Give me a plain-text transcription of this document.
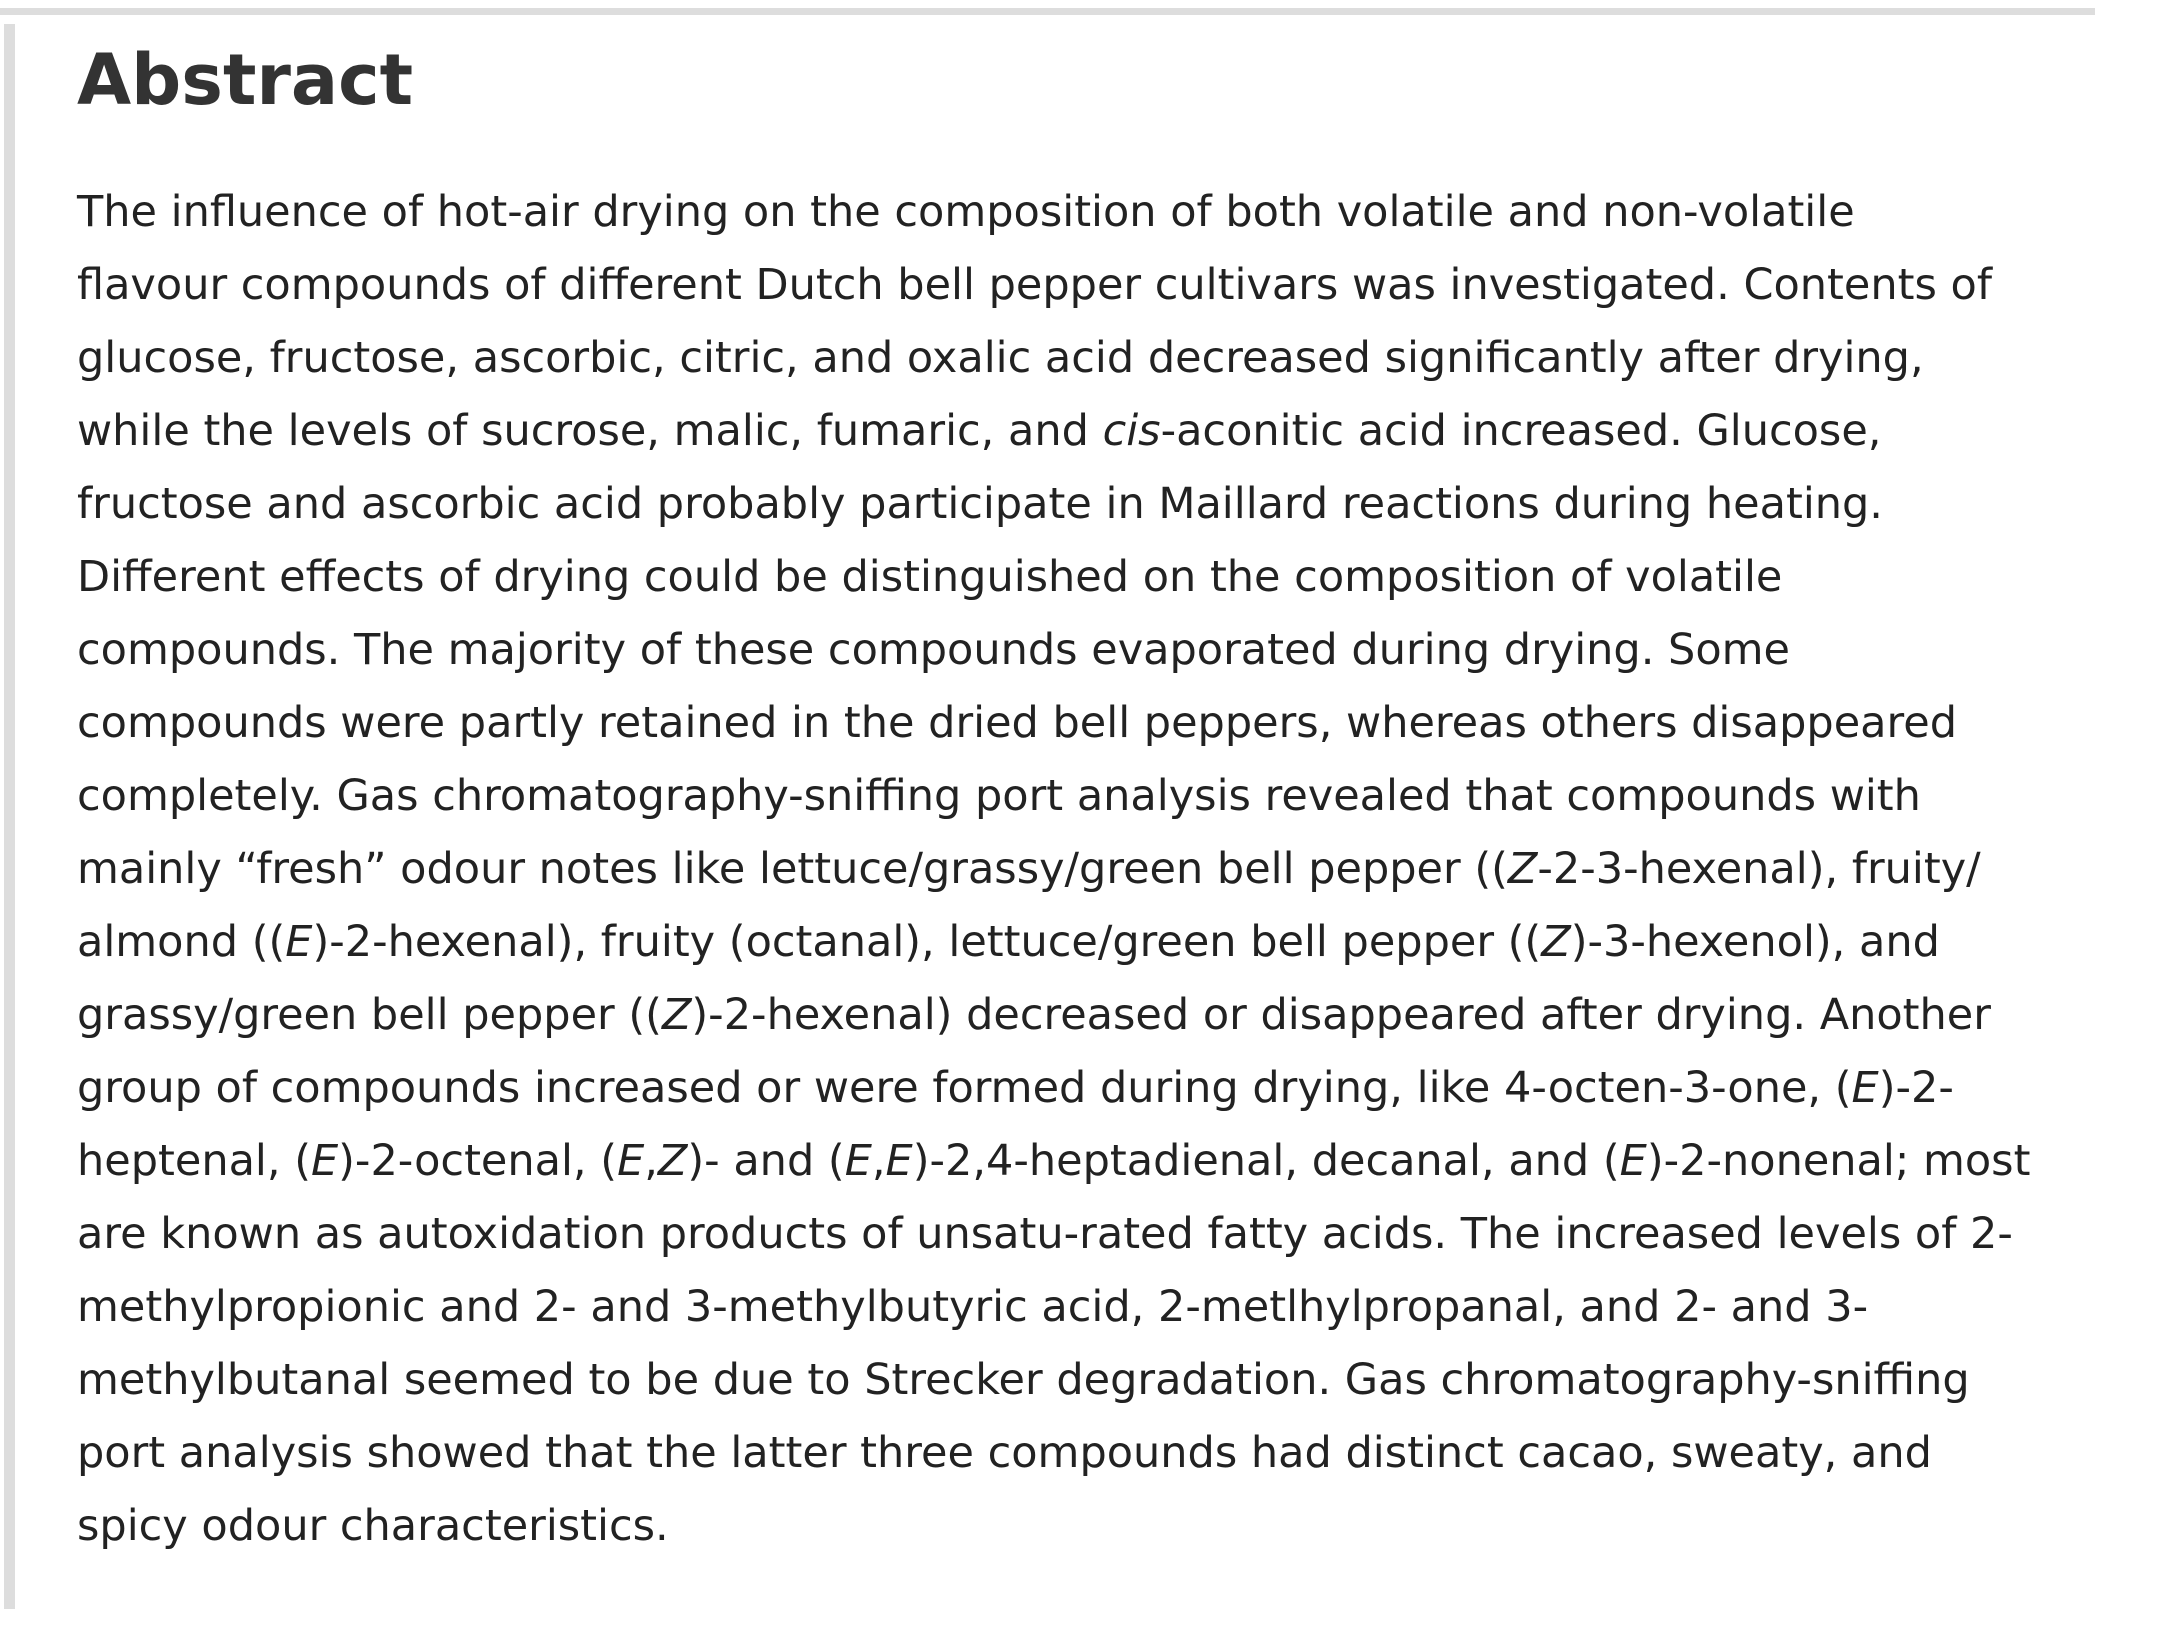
Abstract
The influence of hot-air drying on the composition of both volatile and non-volatile
flavour compounds of different Dutch bell pepper cultivars was investigated. Contents of
glucose, fructose, ascorbic, citric, and oxalic acid decreased significantly after drying,
while the levels of sucrose, malic, fumaric, and cis-aconitic acid increased. Glucose,
fructose and ascorbic acid probably participate in Maillard reactions during heating.
Different effects of drying could be distinguished on the composition of volatile
compounds. The majority of these compounds evaporated during drying. Some
compounds were partly retained in the dried bell peppers, whereas others disappeared
completely. Gas chromatography-sniffing port analysis revealed that compounds with
mainly “fresh” odour notes like lettuce/grassy/green bell pepper ((Z-2-3-hexenal), fruity/
almond ((E)-2-hexenal), fruity (octanal), lettuce/green bell pepper ((Z)-3-hexenol), and
grassy/green bell pepper ((Z)-2-hexenal) decreased or disappeared after drying. Another
group of compounds increased or were formed during drying, like 4-octen-3-one, (E)-2-
heptenal, (E)-2-octenal, (E,Z)- and (E,E)-2,4-heptadienal, decanal, and (E)-2-nonenal; most
are known as autoxidation products of unsatu-rated fatty acids. The increased levels of 2-
methylpropionic and 2- and 3-methylbutyric acid, 2-metlhylpropanal, and 2- and 3-
methylbutanal seemed to be due to Strecker degradation. Gas chromatography-sniffing
port analysis showed that the latter three compounds had distinct cacao, sweaty, and
spicy odour characteristics.
